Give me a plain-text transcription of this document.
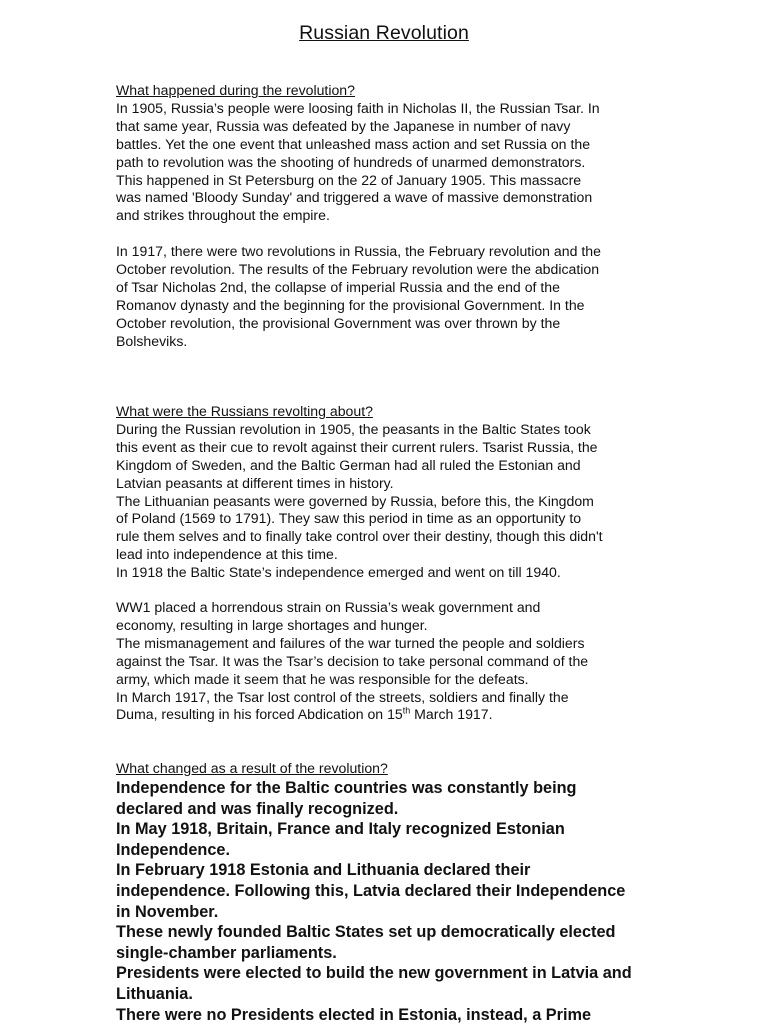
Russian Revolution
What happened during the revolution?
In 1905, Russia’s people were loosing faith in Nicholas II, the Russian Tsar. In
that same year, Russia was defeated by the Japanese in number of navy
battles. Yet the one event that unleashed mass action and set Russia on the
path to revolution was the shooting of hundreds of unarmed demonstrators.
This happened in St Petersburg on the 22 of January 1905. This massacre
was named 'Bloody Sunday' and triggered a wave of massive demonstration
and strikes throughout the empire.
In 1917, there were two revolutions in Russia, the February revolution and the
October revolution. The results of the February revolution were the abdication
of Tsar Nicholas 2nd, the collapse of imperial Russia and the end of the
Romanov dynasty and the beginning for the provisional Government. In the
October revolution, the provisional Government was over thrown by the
Bolsheviks.
What were the Russians revolting about?
During the Russian revolution in 1905, the peasants in the Baltic States took
this event as their cue to revolt against their current rulers. Tsarist Russia, the
Kingdom of Sweden, and the Baltic German had all ruled the Estonian and
Latvian peasants at different times in history.
The Lithuanian peasants were governed by Russia, before this, the Kingdom
of Poland (1569 to 1791). They saw this period in time as an opportunity to
rule them selves and to finally take control over their destiny, though this didn't
lead into independence at this time.
In 1918 the Baltic State’s independence emerged and went on till 1940.
WW1 placed a horrendous strain on Russia’s weak government and
economy, resulting in large shortages and hunger.
The mismanagement and failures of the war turned the people and soldiers
against the Tsar. It was the Tsar’s decision to take personal command of the
army, which made it seem that he was responsible for the defeats.
In March 1917, the Tsar lost control of the streets, soldiers and finally the
Duma, resulting in his forced Abdication on 15th March 1917.
What changed as a result of the revolution?
Independence for the Baltic countries was constantly being
declared and was finally recognized.
In May 1918, Britain, France and Italy recognized Estonian
Independence.
In February 1918 Estonia and Lithuania declared their
independence. Following this, Latvia declared their Independence
in November.
These newly founded Baltic States set up democratically elected
single-chamber parliaments.
Presidents were elected to build the new government in Latvia and
Lithuania.
There were no Presidents elected in Estonia, instead, a Prime
